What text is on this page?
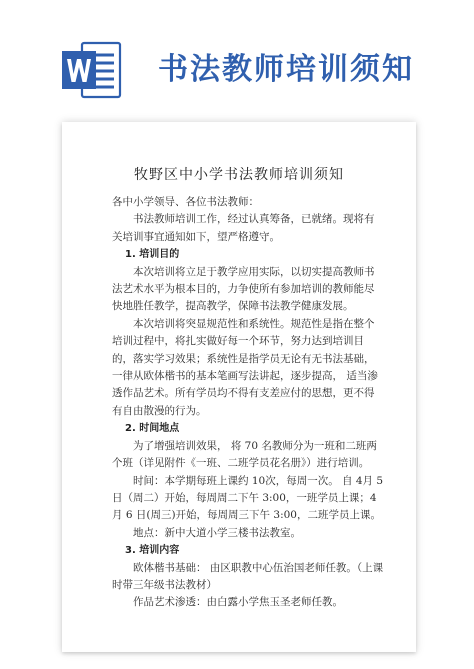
书法教师培训须知
牧野区中小学书法教师培训须知

各中小学领导、各位书法教师：

书法教师培训工作，经过认真筹备，已就绪。现将有关培训事宜通知如下，望严格遵守。

1. 培训目的

本次培训将立足于教学应用实际，以切实提高教师书法艺术水平为根本目的，力争使所有参加培训的教师能尽快地胜任教学，提高教学，保障书法教学健康发展。

本次培训将突显规范性和系统性。规范性是指在整个培训过程中，将扎实做好每一个环节，努力达到培训目的，落实学习效果；系统性是指学员无论有无书法基础，一律从欧体楷书的基本笔画写法讲起，逐步提高， 适当渗透作品艺术。所有学员均不得有支差应付的思想，更不得有自由散漫的行为。

2. 时间地点

为了增强培训效果， 将 70 名教师分为一班和二班两个班（详见附件《一班、二班学员花名册》）进行培训。

时间：本学期每班上课约 10次，每周一次。 自 4月 5日（周二）开始，每周周二下午 3:00，一班学员上课；4 月 6 日(周三)开始，每周周三下午 3:00，二班学员上课。

地点：新中大道小学三楼书法教室。

3. 培训内容

欧体楷书基础： 由区职教中心伍治国老师任教。（上课时带三年级书法教材）

作品艺术渗透：由白露小学焦玉圣老师任教。
